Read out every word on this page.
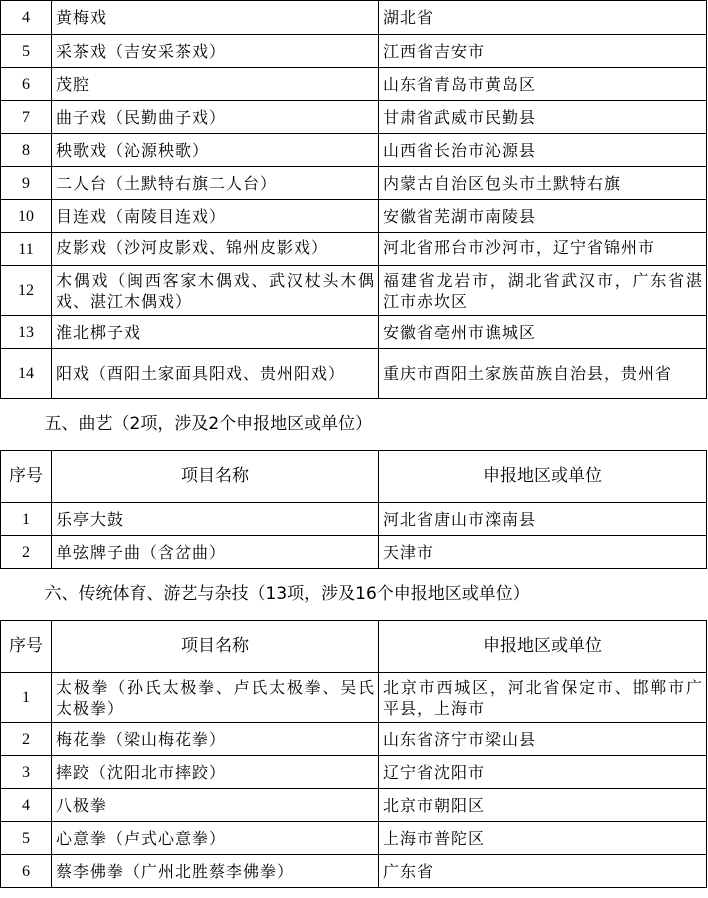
4	黄梅戏	湖北省
5	采茶戏（吉安采茶戏）	江西省吉安市
6	茂腔	山东省青岛市黄岛区
7	曲子戏（民勤曲子戏）	甘肃省武威市民勤县
8	秧歌戏（沁源秧歌）	山西省长治市沁源县
9	二人台（土默特右旗二人台）	内蒙古自治区包头市土默特右旗
10	目连戏（南陵目连戏）	安徽省芜湖市南陵县
11	皮影戏（沙河皮影戏、锦州皮影戏）	河北省邢台市沙河市，辽宁省锦州市

12	木偶戏（闽西客家木偶戏、武汉杖头木偶戏、湛江木偶戏）	福建省龙岩市，湖北省武汉市，广东省湛江市赤坎区
13	淮北梆子戏	安徽省亳州市谯城区
14	阳戏（酉阳土家面具阳戏、贵州阳戏）	重庆市酉阳土家族苗族自治县，贵州省
五、曲艺（2项，涉及2个申报地区或单位）		
序号	项目名称	申报地区或单位
1	乐亭大鼓	河北省唐山市滦南县
2	单弦牌子曲（含岔曲）	天津市
六、传统体育、游艺与杂技（13项，涉及16个申报地区或单位）		
序号	项目名称	申报地区或单位
1	太极拳（孙氏太极拳、卢氏太极拳、吴氏太极拳）	北京市西城区，河北省保定市、邯郸市广平县，上海市
2	梅花拳（梁山梅花拳）	山东省济宁市梁山县
3	摔跤（沈阳北市摔跤）	辽宁省沈阳市
4	八极拳	北京市朝阳区
5	心意拳（卢式心意拳）	上海市普陀区
6	蔡李佛拳（广州北胜蔡李佛拳）	广东省
